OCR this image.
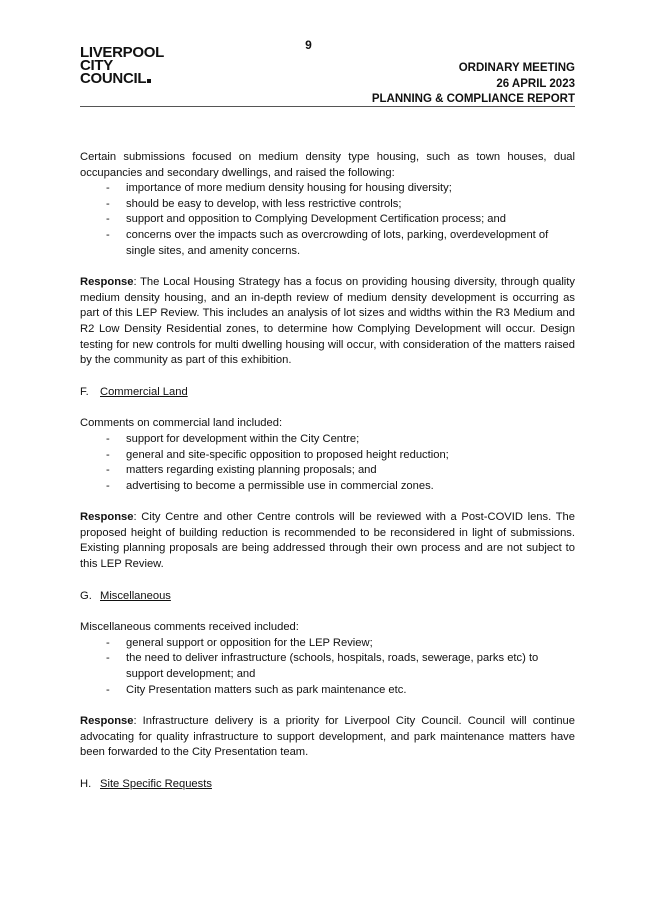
9
LIVERPOOL
CITY
COUNCIL
ORDINARY MEETING
26 APRIL 2023
PLANNING & COMPLIANCE REPORT

Certain submissions focused on medium density type housing, such as town houses, dual occupancies and secondary dwellings, and raised the following:

- importance of more medium density housing for housing diversity;
- should be easy to develop, with less restrictive controls;
- support and opposition to Complying Development Certification process; and
- concerns over the impacts such as overcrowding of lots, parking, overdevelopment of single sites, and amenity concerns.

Response: The Local Housing Strategy has a focus on providing housing diversity, through quality medium density housing, and an in-depth review of medium density development is occurring as part of this LEP Review. This includes an analysis of lot sizes and widths within the R3 Medium and R2 Low Density Residential zones, to determine how Complying Development will occur. Design testing for new controls for multi dwelling housing will occur, with consideration of the matters raised by the community as part of this exhibition.

F. Commercial Land

Comments on commercial land included:

- support for development within the City Centre;
- general and site-specific opposition to proposed height reduction;
- matters regarding existing planning proposals; and
- advertising to become a permissible use in commercial zones.

Response: City Centre and other Centre controls will be reviewed with a Post-COVID lens. The proposed height of building reduction is recommended to be reconsidered in light of submissions. Existing planning proposals are being addressed through their own process and are not subject to this LEP Review.

G. Miscellaneous

Miscellaneous comments received included:

- general support or opposition for the LEP Review;
- the need to deliver infrastructure (schools, hospitals, roads, sewerage, parks etc) to support development; and
- City Presentation matters such as park maintenance etc.

Response: Infrastructure delivery is a priority for Liverpool City Council. Council will continue advocating for quality infrastructure to support development, and park maintenance matters have been forwarded to the City Presentation team.

H. Site Specific Requests
